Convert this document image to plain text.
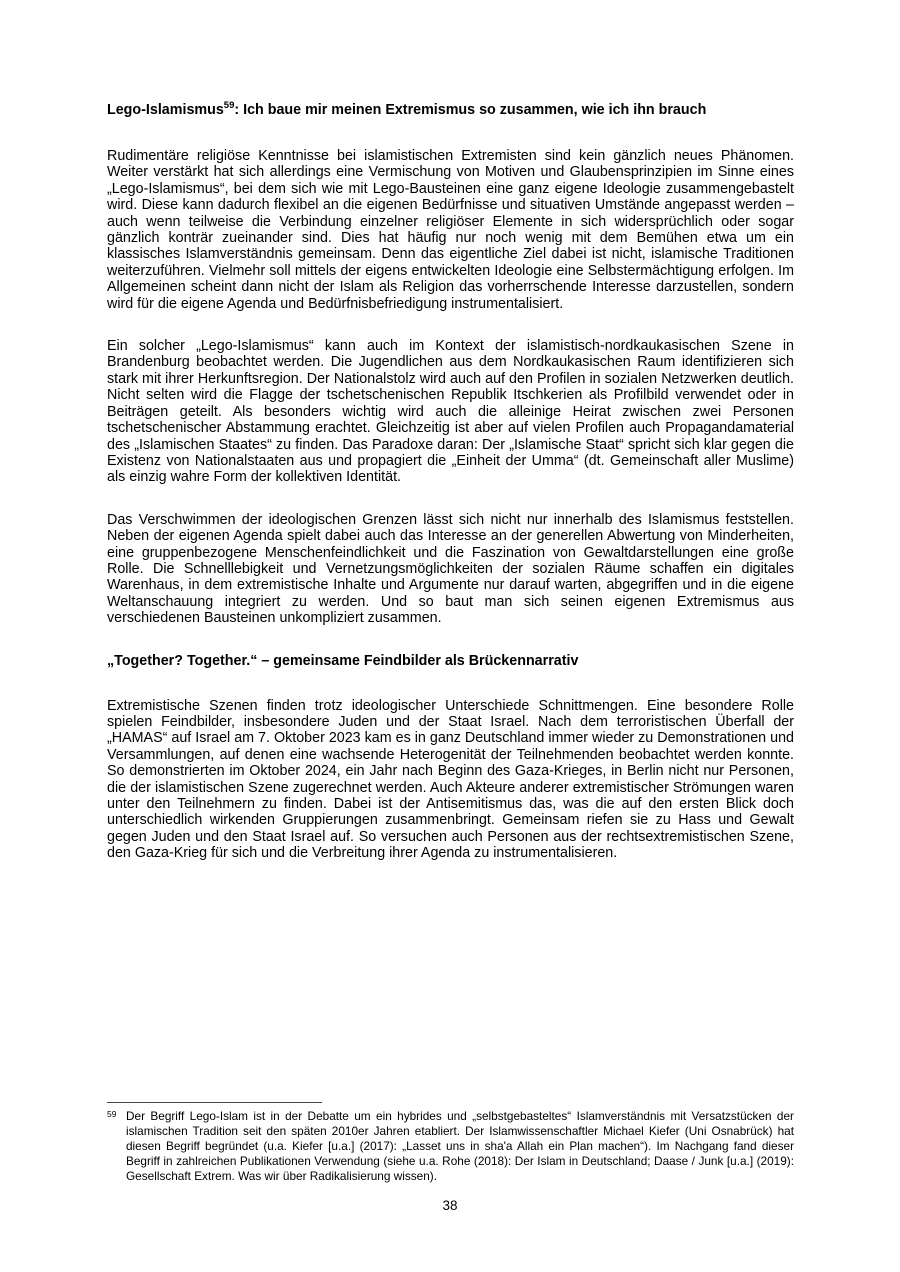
Lego-Islamismus$^{59}$: Ich baue mir meinen Extremismus so zusammen, wie ich ihn brauch

Rudimentäre religiöse Kenntnisse bei islamistischen Extremisten sind kein gänzlich neues Phänomen. Weiter verstärkt hat sich allerdings eine Vermischung von Motiven und Glaubensprinzipien im Sinne eines „Lego-Islamismus“, bei dem sich wie mit Lego-Bausteinen eine ganz eigene Ideologie zusammengebastelt wird. Diese kann dadurch flexibel an die eigenen Bedürfnisse und situativen Umstände angepasst werden – auch wenn teilweise die Verbindung einzelner religiöser Elemente in sich widersprüchlich oder sogar gänzlich konträr zueinander sind. Dies hat häufig nur noch wenig mit dem Bemühen etwa um ein klassisches Islamverständnis gemeinsam. Denn das eigentliche Ziel dabei ist nicht, islamische Traditionen weiterzuführen. Vielmehr soll mittels der eigens entwickelten Ideologie eine Selbstermächtigung erfolgen. Im Allgemeinen scheint dann nicht der Islam als Religion das vorherrschende Interesse darzustellen, sondern wird für die eigene Agenda und Bedürfnisbefriedigung instrumentalisiert.

Ein solcher „Lego-Islamismus“ kann auch im Kontext der islamistisch-nordkaukasischen Szene in Brandenburg beobachtet werden. Die Jugendlichen aus dem Nordkaukasischen Raum identifizieren sich stark mit ihrer Herkunftsregion. Der Nationalstolz wird auch auf den Profilen in sozialen Netzwerken deutlich. Nicht selten wird die Flagge der tschetschenischen Republik Itschkerien als Profilbild verwendet oder in Beiträgen geteilt. Als besonders wichtig wird auch die alleinige Heirat zwischen zwei Personen tschetschenischer Abstammung erachtet. Gleichzeitig ist aber auf vielen Profilen auch Propagandamaterial des „Islamischen Staates“ zu finden. Das Paradoxe daran: Der „Islamische Staat“ spricht sich klar gegen die Existenz von Nationalstaaten aus und propagiert die „Einheit der Umma“ (dt. Gemeinschaft aller Muslime) als einzig wahre Form der kollektiven Identität.

Das Verschwimmen der ideologischen Grenzen lässt sich nicht nur innerhalb des Islamismus feststellen. Neben der eigenen Agenda spielt dabei auch das Interesse an der generellen Abwertung von Minderheiten, eine gruppenbezogene Menschenfeindlichkeit und die Faszination von Gewaltdarstellungen eine große Rolle. Die Schnelllebigkeit und Vernetzungsmöglichkeiten der sozialen Räume schaffen ein digitales Warenhaus, in dem extremistische Inhalte und Argumente nur darauf warten, abgegriffen und in die eigene Weltanschauung integriert zu werden. Und so baut man sich seinen eigenen Extremismus aus verschiedenen Bausteinen unkompliziert zusammen.

„Together? Together.“ – gemeinsame Feindbilder als Brückennarrativ

Extremistische Szenen finden trotz ideologischer Unterschiede Schnittmengen. Eine besondere Rolle spielen Feindbilder, insbesondere Juden und der Staat Israel. Nach dem terroristischen Überfall der „HAMAS“ auf Israel am 7. Oktober 2023 kam es in ganz Deutschland immer wieder zu Demonstrationen und Versammlungen, auf denen eine wachsende Heterogenität der Teilnehmenden beobachtet werden konnte. So demonstrierten im Oktober 2024, ein Jahr nach Beginn des Gaza-Krieges, in Berlin nicht nur Personen, die der islamistischen Szene zugerechnet werden. Auch Akteure anderer extremistischer Strömungen waren unter den Teilnehmern zu finden. Dabei ist der Antisemitismus das, was die auf den ersten Blick doch unterschiedlich wirkenden Gruppierungen zusammenbringt. Gemeinsam riefen sie zu Hass und Gewalt gegen Juden und den Staat Israel auf. So versuchen auch Personen aus der rechtsextremistischen Szene, den Gaza-Krieg für sich und die Verbreitung ihrer Agenda zu instrumentalisieren.

59 Der Begriff Lego-Islam ist in der Debatte um ein hybrides und „selbstgebasteltes“ Islamverständnis mit Versatzstücken der islamischen Tradition seit den späten 2010er Jahren etabliert. Der Islamwissenschaftler Michael Kiefer (Uni Osnabrück) hat diesen Begriff begründet (u.a. Kiefer [u.a.] (2017): „Lasset uns in sha'a Allah ein Plan machen“). Im Nachgang fand dieser Begriff in zahlreichen Publikationen Verwendung (siehe u.a. Rohe (2018): Der Islam in Deutschland; Daase / Junk [u.a.] (2019): Gesellschaft Extrem. Was wir über Radikalisierung wissen).
38
